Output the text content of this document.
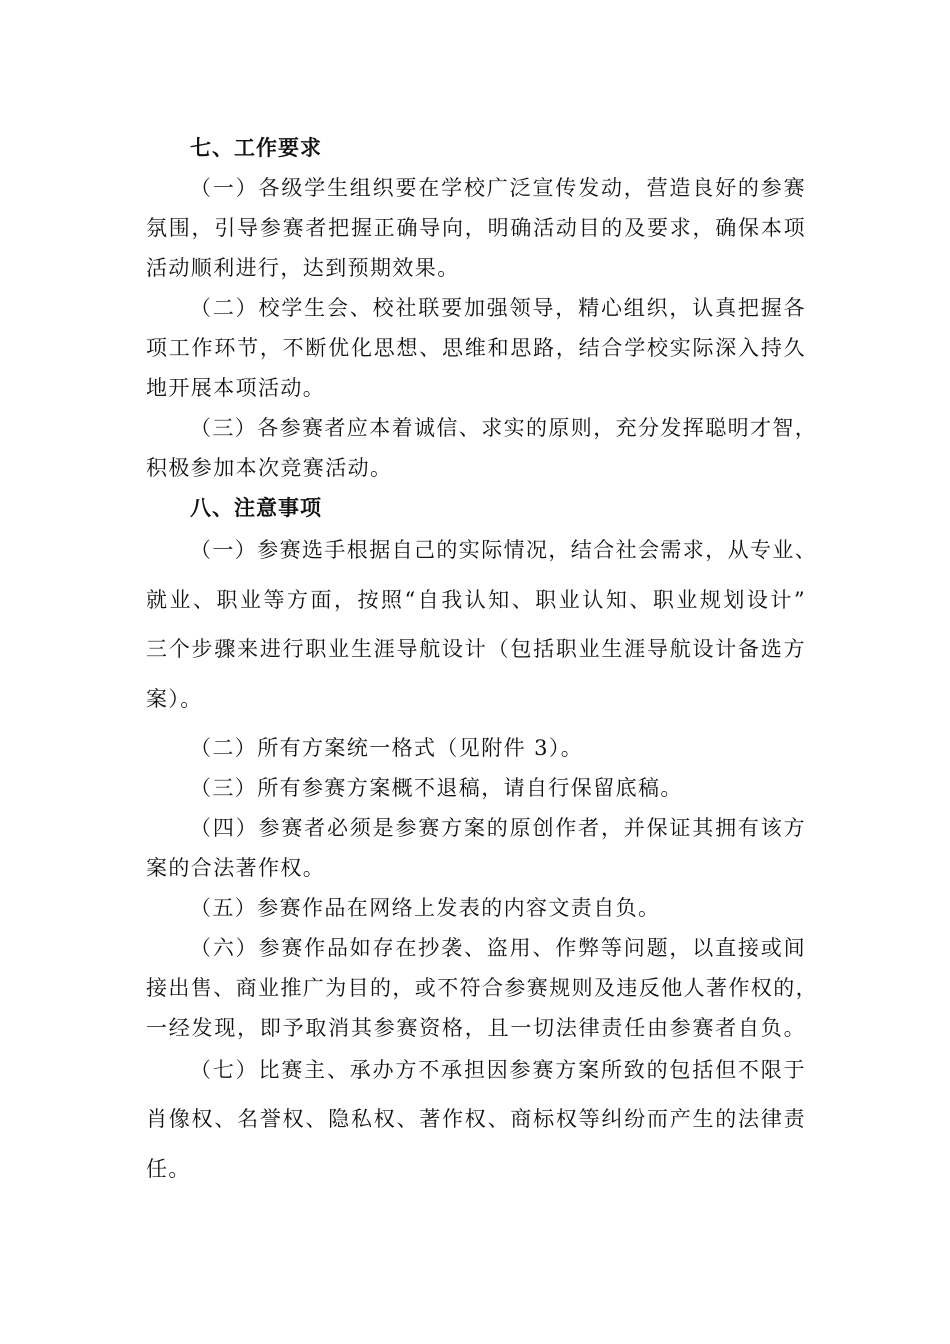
七、工作要求

（一）各级学生组织要在学校广泛宣传发动，营造良好的参赛

氛围，引导参赛者把握正确导向，明确活动目的及要求，确保本项

活动顺利进行，达到预期效果。

（二）校学生会、校社联要加强领导，精心组织，认真把握各

项工作环节，不断优化思想、思维和思路，结合学校实际深入持久

地开展本项活动。

（三）各参赛者应本着诚信、求实的原则，充分发挥聪明才智，

积极参加本次竞赛活动。

八、注意事项

（一）参赛选手根据自己的实际情况，结合社会需求，从专业、

就业、职业等方面，按照“自我认知、职业认知、职业规划设计”

三个步骤来进行职业生涯导航设计（包括职业生涯导航设计备选方

案）。

（二）所有方案统一格式（见附件 3）。

（三）所有参赛方案概不退稿，请自行保留底稿。

（四）参赛者必须是参赛方案的原创作者，并保证其拥有该方

案的合法著作权。

（五）参赛作品在网络上发表的内容文责自负。

（六）参赛作品如存在抄袭、盗用、作弊等问题，以直接或间

接出售、商业推广为目的，或不符合参赛规则及违反他人著作权的，

一经发现，即予取消其参赛资格，且一切法律责任由参赛者自负。

（七）比赛主、承办方不承担因参赛方案所致的包括但不限于

肖像权、名誉权、隐私权、著作权、商标权等纠纷而产生的法律责

任。
